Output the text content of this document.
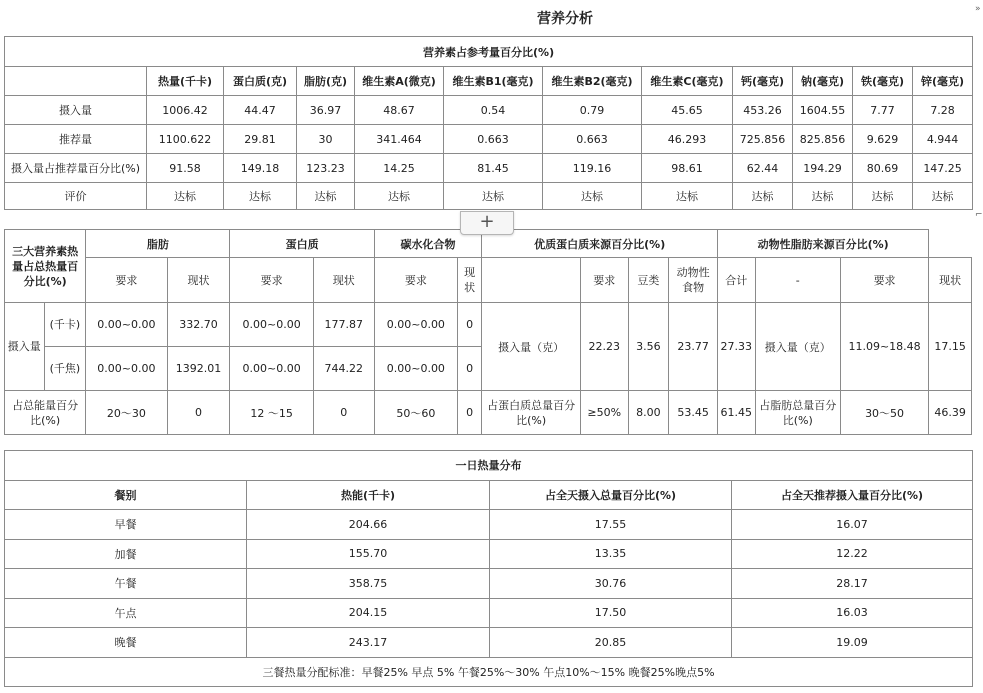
营养分析
»
⌐
营养素占参考量百分比(%)											
	热量(千卡)	蛋白质(克)	脂肪(克)	维生素A(微克)	维生素B1(毫克)	维生素B2(毫克)	维生素C(毫克)	钙(毫克)	钠(毫克)	铁(毫克)	锌(毫克)
摄入量	1006.42	44.47	36.97	48.67	0.54	0.79	45.65	453.26	1604.55	7.77	7.28
推荐量	1100.622	29.81	30	341.464	0.663	0.663	46.293	725.856	825.856	9.629	4.944
摄入量占推荐量百分比(%)	91.58	149.18	123.23	14.25	81.45	119.16	98.61	62.44	194.29	80.69	147.25
评价	达标	达标	达标	达标	达标	达标	达标	达标	达标	达标	达标
+
三大营养素热量占总热量百分比(%)		脂肪		蛋白质		碳水化合物		优质蛋白质来源百分比(%)				动物性脂肪来源百分比(%)			
		要求	现状	要求	现状	要求	现状		要求	豆类	动物性食物	合计	-	要求	现状
摄入量	(千卡)	0.00~0.00	332.70	0.00~0.00	177.87	0.00~0.00	0	摄入量（克）	22.23	3.56	23.77	27.33	摄入量（克）	11.09~18.48	17.15
	(千焦)	0.00~0.00	1392.01	0.00~0.00	744.22	0.00~0.00	0								
占总能量百分比(%)		20～30	0	12 ～15	0	50～60	0	占蛋白质总量百分比(%)	≥50%	8.00	53.45	61.45	占脂肪总量百分比(%)	30～50	46.39
一日热量分布			
餐别	热能(千卡)	占全天摄入总量百分比(%)	占全天推荐摄入量百分比(%)
早餐	204.66	17.55	16.07
加餐	155.70	13.35	12.22
午餐	358.75	30.76	28.17
午点	204.15	17.50	16.03
晚餐	243.17	20.85	19.09
三餐热量分配标准：早餐25% 早点 5% 午餐25%～30% 午点10%～15% 晚餐25%晚点5%			
